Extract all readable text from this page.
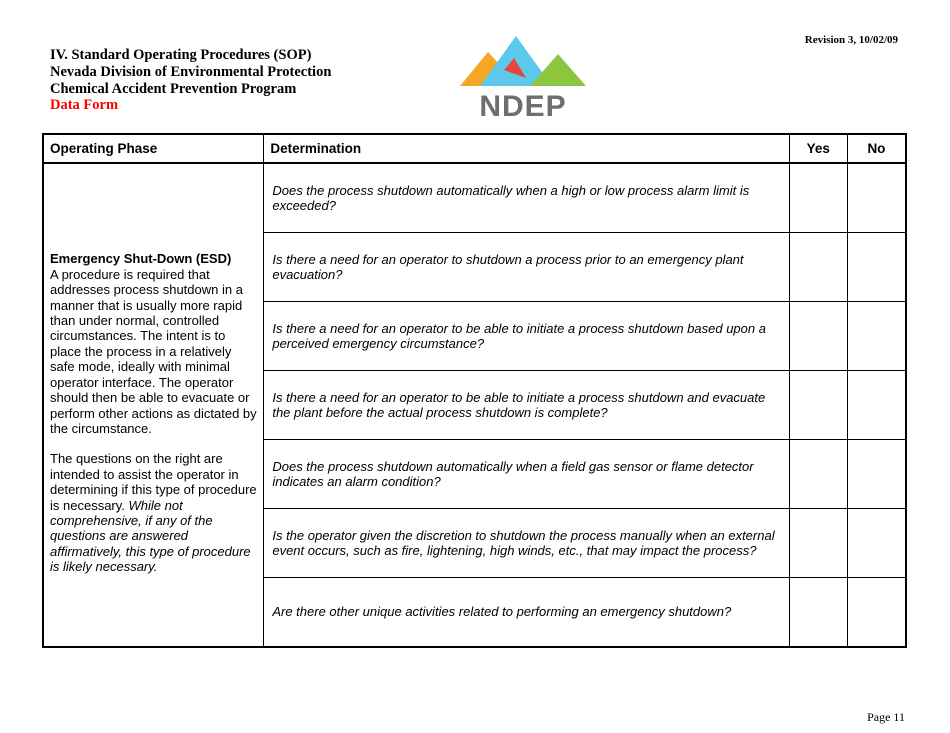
IV. Standard Operating Procedures (SOP)
Nevada Division of Environmental Protection
Chemical Accident Prevention Program
Data Form
Revision 3, 10/02/09
NDEP
Operating Phase	Determination	Yes	No

Emergency Shut-Down (ESD)
A procedure is required that addresses process shutdown in a manner that is usually more rapid than under normal, controlled circumstances. The intent is to place the process in a relatively safe mode, ideally with minimal operator interface. The operator should then be able to evacuate or perform other actions as dictated by the circumstance.

The questions on the right are intended to assist the operator in determining if this type of procedure is necessary. While not comprehensive, if any of the questions are answered affirmatively, this type of procedure is likely necessary.	Does the process shutdown automatically when a high or low process alarm limit is exceeded?		
	Is there a need for an operator to shutdown a process prior to an emergency plant evacuation?		
	Is there a need for an operator to be able to initiate a process shutdown based upon a perceived emergency circumstance?		
	Is there a need for an operator to be able to initiate a process shutdown and evacuate the plant before the actual process shutdown is complete?		
	Does the process shutdown automatically when a field gas sensor or flame detector indicates an alarm condition?		
	Is the operator given the discretion to shutdown the process manually when an external event occurs, such as fire, lightening, high winds, etc., that may impact the process?		
	Are there other unique activities related to performing an emergency shutdown?		
Page 11
